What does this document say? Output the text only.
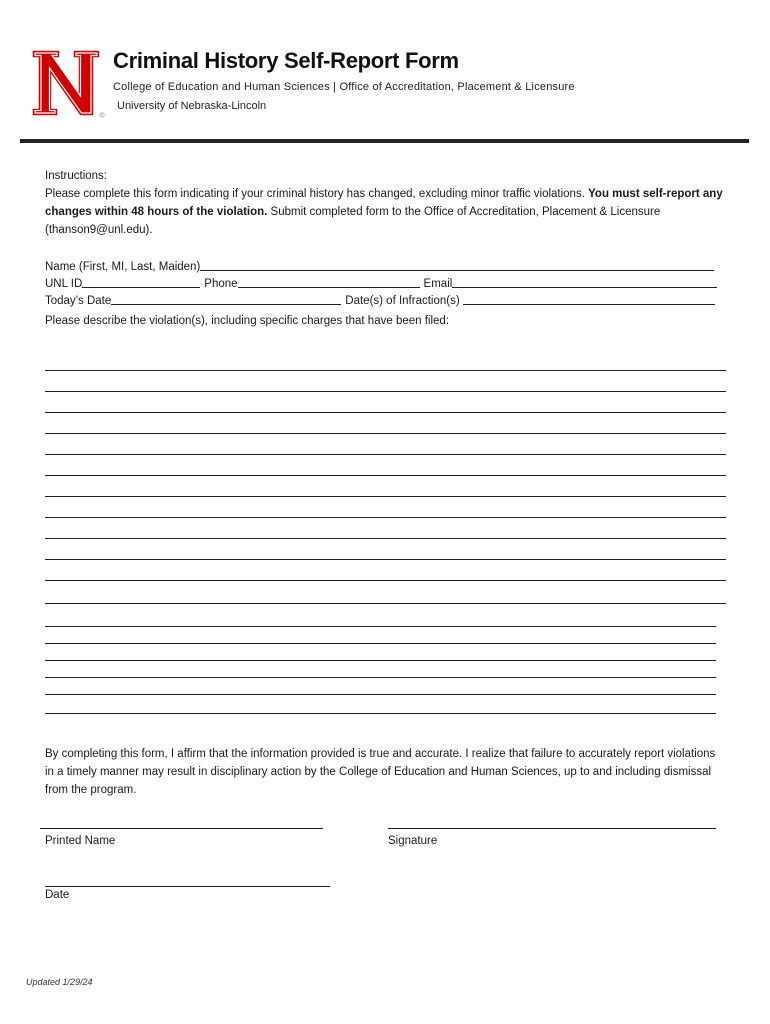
R
Criminal History Self-Report Form
College of Education and Human Sciences | Office of Accreditation, Placement & Licensure
University of Nebraska-Lincoln
Instructions:
Please complete this form indicating if your criminal history has changed, excluding minor traffic violations. You must self-report any changes within 48 hours of the violation. Submit completed form to the Office of Accreditation, Placement & Licensure (thanson9@unl.edu).
Name (First, MI, Last, Maiden)
UNL ID	Phone	Email
Today’s Date	Date(s) of Infraction(s)
Please describe the violation(s), including specific charges that have been filed:
By completing this form, I affirm that the information provided is true and accurate. I realize that failure to accurately report violations in a timely manner may result in disciplinary action by the College of Education and Human Sciences, up to and including dismissal from the program.
Printed Name	Signature
Date
Updated 1/29/24
